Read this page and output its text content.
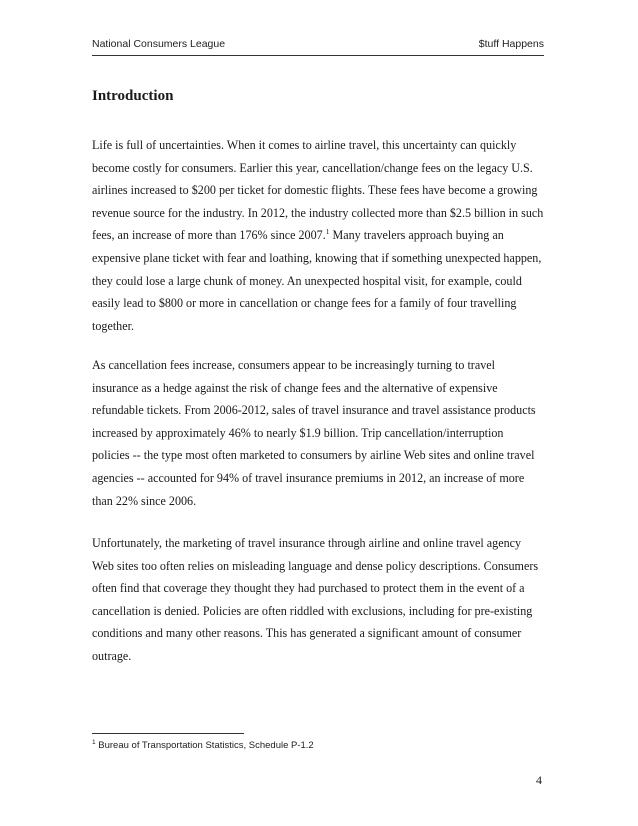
National Consumers League	$tuff Happens
Introduction

Life is full of uncertainties. When it comes to airline travel, this uncertainty can quickly become costly for consumers. Earlier this year, cancellation/change fees on the legacy U.S. airlines increased to $200 per ticket for domestic flights. These fees have become a growing revenue source for the industry. In 2012, the industry collected more than $2.5 billion in such fees, an increase of more than 176% since 2007.$^1$ Many travelers approach buying an expensive plane ticket with fear and loathing, knowing that if something unexpected happen, they could lose a large chunk of money. An unexpected hospital visit, for example, could easily lead to $800 or more in cancellation or change fees for a family of four travelling together.

As cancellation fees increase, consumers appear to be increasingly turning to travel insurance as a hedge against the risk of change fees and the alternative of expensive refundable tickets. From 2006-2012, sales of travel insurance and travel assistance products increased by approximately 46% to nearly $1.9 billion. Trip cancellation/interruption policies -- the type most often marketed to consumers by airline Web sites and online travel agencies -- accounted for 94% of travel insurance premiums in 2012, an increase of more than 22% since 2006.

Unfortunately, the marketing of travel insurance through airline and online travel agency Web sites too often relies on misleading language and dense policy descriptions. Consumers often find that coverage they thought they had purchased to protect them in the event of a cancellation is denied. Policies are often riddled with exclusions, including for pre-existing conditions and many other reasons. This has generated a significant amount of consumer outrage.

$^1$ Bureau of Transportation Statistics, Schedule P-1.2

4
